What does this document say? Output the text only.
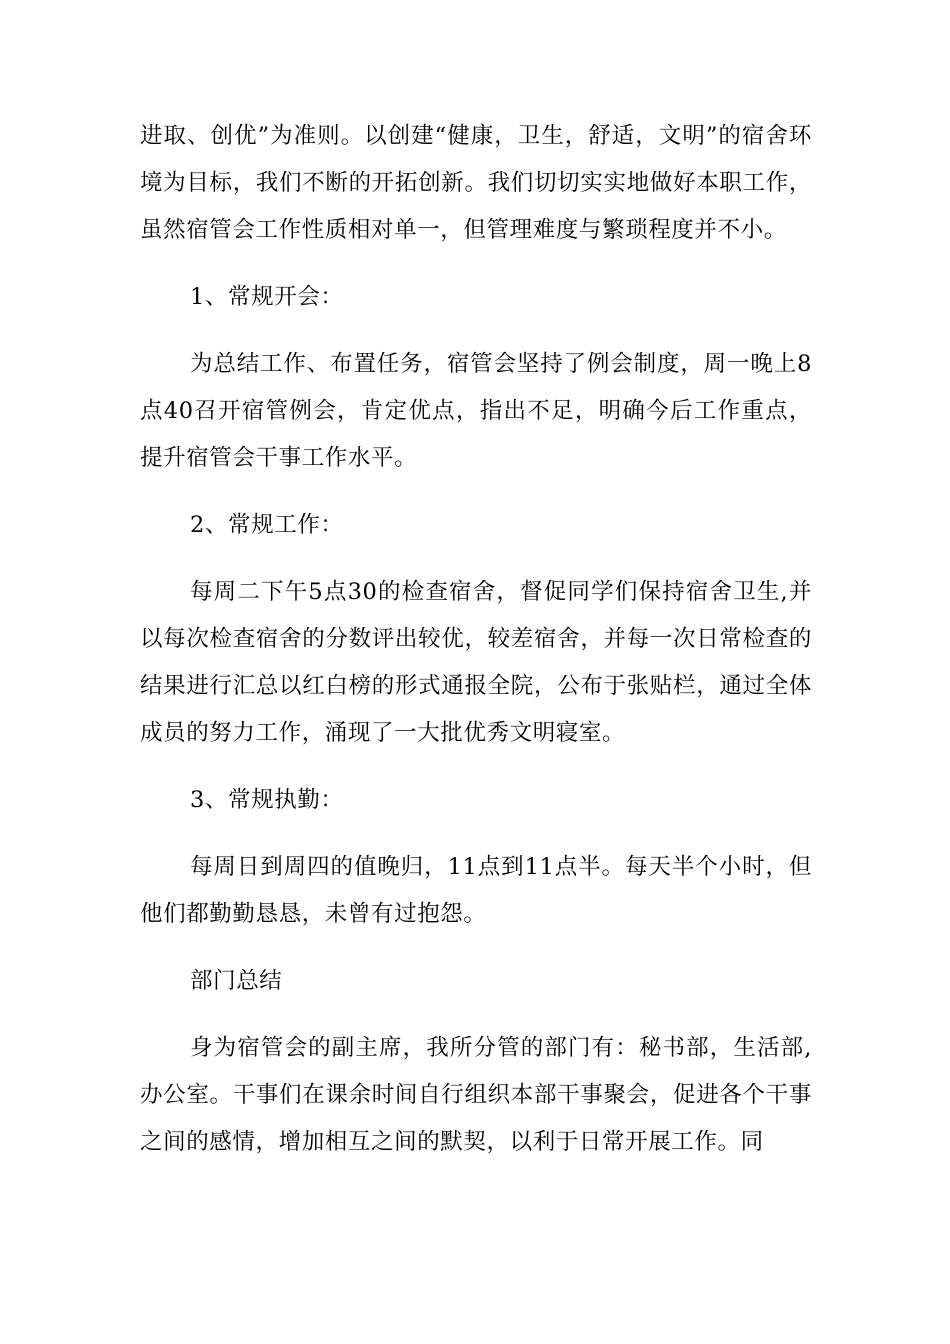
进取、创优”为准则。以创建“健康，卫生，舒适，文明”的宿舍环境为目标，我们不断的开拓创新。我们切切实实地做好本职工作，虽然宿管会工作性质相对单一，但管理难度与繁琐程度并不小。

1、常规开会：

为总结工作、布置任务，宿管会坚持了例会制度，周一晚上8点40召开宿管例会，肯定优点，指出不足，明确今后工作重点，提升宿管会干事工作水平。

2、常规工作：

每周二下午5点30的检查宿舍，督促同学们保持宿舍卫生,并以每次检查宿舍的分数评出较优，较差宿舍，并每一次日常检查的结果进行汇总以红白榜的形式通报全院，公布于张贴栏，通过全体成员的努力工作，涌现了一大批优秀文明寝室。

3、常规执勤：

每周日到周四的值晚归，11点到11点半。每天半个小时，但他们都勤勤恳恳，未曾有过抱怨。

部门总结

身为宿管会的副主席，我所分管的部门有：秘书部，生活部,办公室。干事们在课余时间自行组织本部干事聚会，促进各个干事之间的感情，增加相互之间的默契，以利于日常开展工作。同
